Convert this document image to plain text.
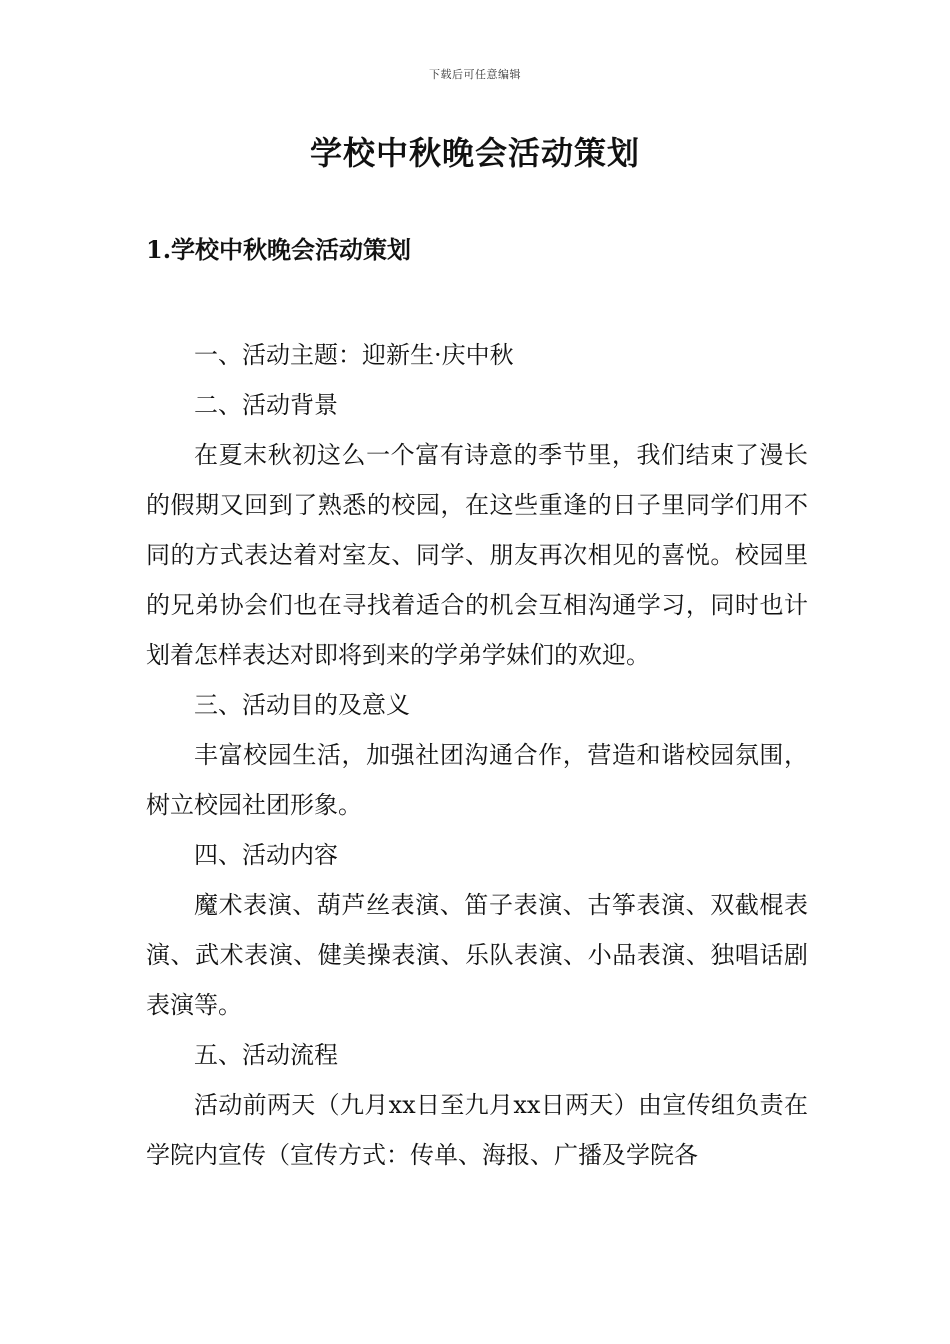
下载后可任意编辑
学校中秋晚会活动策划
1.学校中秋晚会活动策划

一、活动主题：迎新生·庆中秋

二、活动背景

在夏末秋初这么一个富有诗意的季节里，我们结束了漫长的假期又回到了熟悉的校园，在这些重逢的日子里同学们用不同的方式表达着对室友、同学、朋友再次相见的喜悦。校园里的兄弟协会们也在寻找着适合的机会互相沟通学习，同时也计划着怎样表达对即将到来的学弟学妹们的欢迎。

三、活动目的及意义

丰富校园生活，加强社团沟通合作，营造和谐校园氛围，树立校园社团形象。

四、活动内容

魔术表演、葫芦丝表演、笛子表演、古筝表演、双截棍表演、武术表演、健美操表演、乐队表演、小品表演、独唱话剧表演等。

五、活动流程

活动前两天（九月xx日至九月xx日两天）由宣传组负责在学院内宣传（宣传方式：传单、海报、广播及学院各
